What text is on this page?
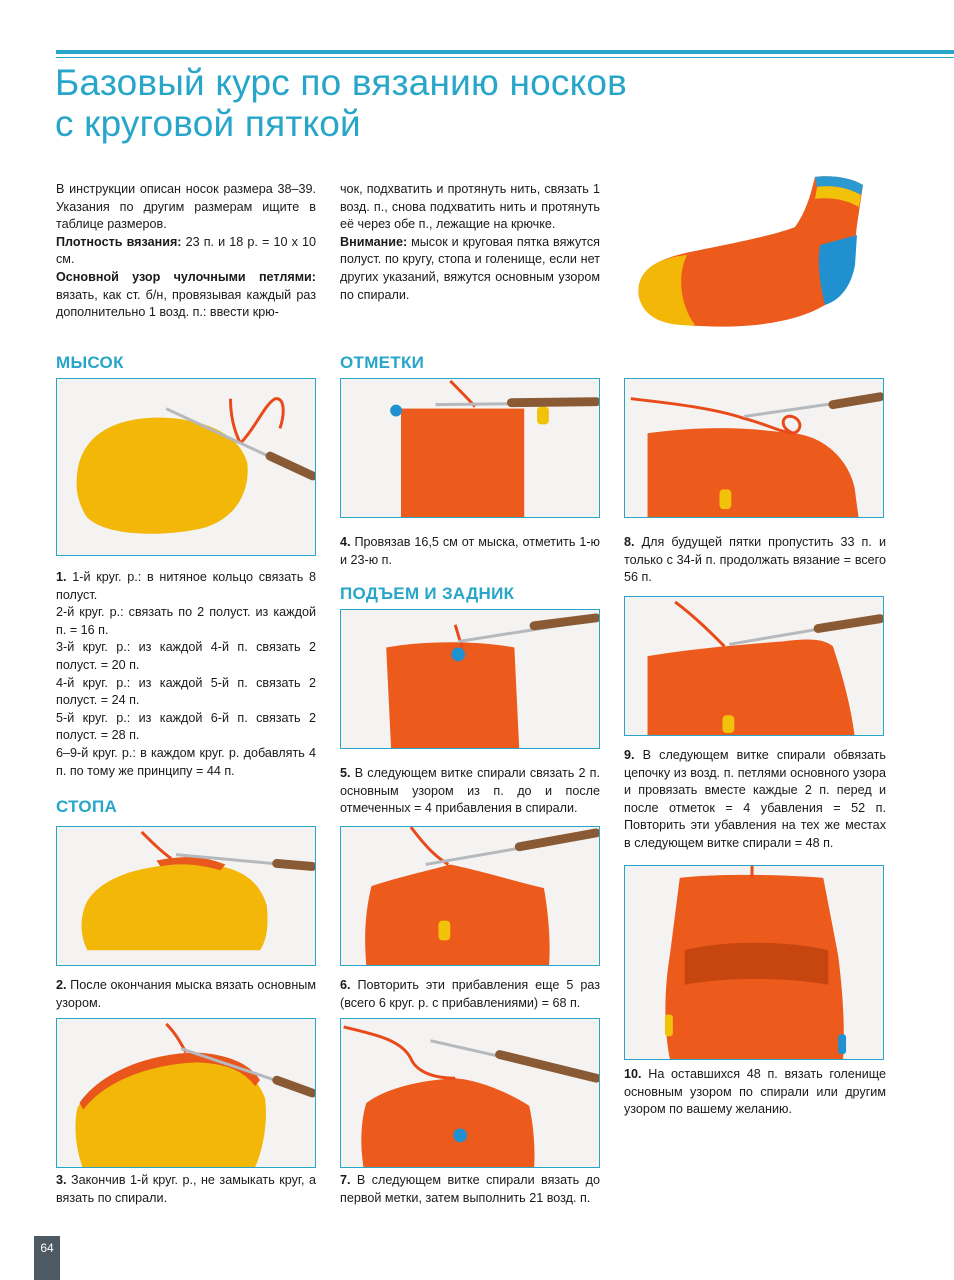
Базовый курс по вязанию носков
с круговой пяткой
В инструкции описан носок размера 38–39. Указания по другим размерам ищите в таблице размеров.
Плотность вязания: 23 п. и 18 р. = 10 х 10 см.
Основной узор чулочными петлями: вязать, как ст. б/н, провязывая каждый раз дополнительно 1 возд. п.: ввести крю-
чок, подхватить и протянуть нить, связать 1 возд. п., снова подхватить нить и протянуть её через обе п., лежащие на крючке.
Внимание: мысок и круговая пятка вяжутся полуст. по кругу, стопа и голенище, если нет других указаний, вяжутся основным узором по спирали.
МЫСОК
СТОПА
ОТМЕТКИ
ПОДЪЕМ И ЗАДНИК
1. 1-й круг. р.: в нитяное кольцо связать 8 полуст.
2-й круг. р.: связать по 2 полуст. из каждой п. = 16 п.
3-й круг. р.: из каждой 4-й п. связать 2 полуст. = 20 п.
4-й круг. р.: из каждой 5-й п. связать 2 полуст. = 24 п.
5-й круг. р.: из каждой 6-й п. связать 2 полуст. = 28 п.
6–9-й круг. р.: в каждом круг. р. добавлять 4 п. по тому же принципу = 44 п.
2. После окончания мыска вязать основным узором.
3. Закончив 1-й круг. р., не замыкать круг, а вязать по спирали.
4. Провязав 16,5 см от мыска, отметить 1-ю и 23-ю п.
5. В следующем витке спирали связать 2 п. основным узором из п. до и после отмеченных = 4 прибавления в спирали.
6. Повторить эти прибавления еще 5 раз (всего 6 круг. р. с прибавлениями) = 68 п.
7. В следующем витке спирали вязать до первой метки, затем выполнить 21 возд. п.
8. Для будущей пятки пропустить 33 п. и только с 34-й п. продолжать вязание = всего 56 п.
9. В следующем витке спирали обвязать цепочку из возд. п. петлями основного узора и провязать вместе каждые 2 п. перед и после отметок = 4 убавления = 52 п. Повторить эти убавления на тех же местах в следующем витке спирали = 48 п.
10. На оставшихся 48 п. вязать голенище основным узором по спирали или другим узором по вашему желанию.
64
